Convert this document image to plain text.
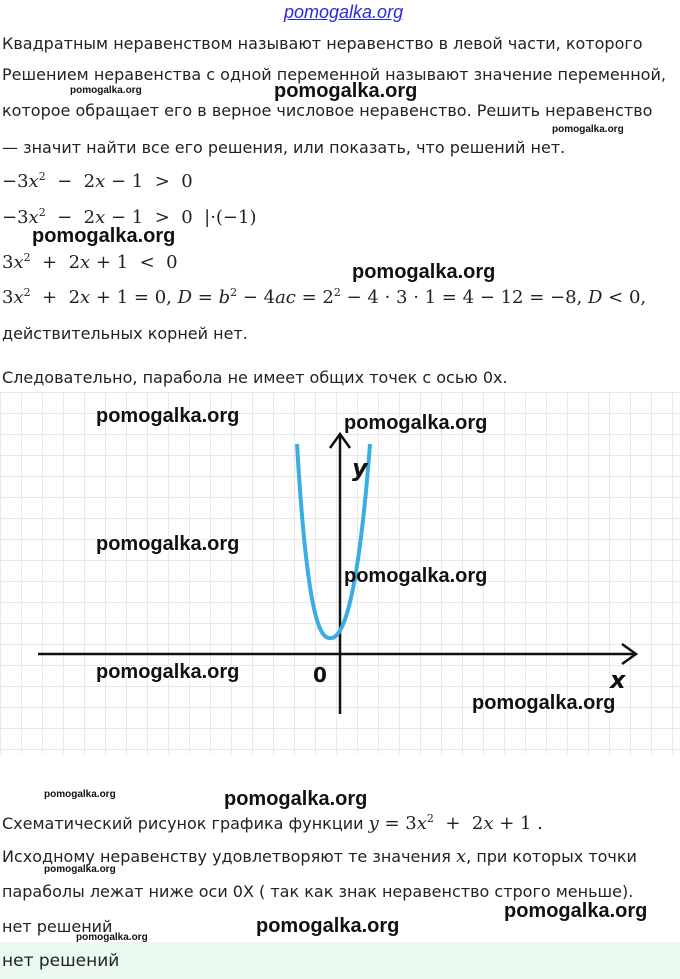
pomogalka.org
Квадратным неравенством называют неравенство в левой части, которого
Решением неравенства с одной переменной называют значение переменной,
которое обращает его в верное числовое неравенство. Решить неравенство
— значит найти все его решения, или показать, что решений нет.
$-3x^2 - 2x - 1 > 0$
$-3x^2 - 2x - 1 > 0$  |·(−1)
$3x^2 + 2x + 1 < 0$
$3x^2 + 2x + 1 = 0$, $D = b^2 - 4ac = 2^2 - 4 \cdot 3 \cdot 1 = 4 - 12 = -8$, D < 0,
действительных корней нет.
Следовательно, парабола не имеет общих точек с осью 0х.
y
x
0
Схематический рисунок графика функции $y = 3x^2 + 2x + 1$ .
Исходному неравенству удовлетворяют те значения x, при которых точки
параболы лежат ниже оси 0Х ( так как знак неравенство строго меньше).
нет решений
нет решений
pomogalka.org	pomogalka.org
pomogalka.org
pomogalka.org
pomogalka.org
pomogalka.org	pomogalka.org
pomogalka.org
pomogalka.org
pomogalka.org
pomogalka.org
pomogalka.org	pomogalka.org
pomogalka.org
pomogalka.org
pomogalka.org
pomogalka.org
